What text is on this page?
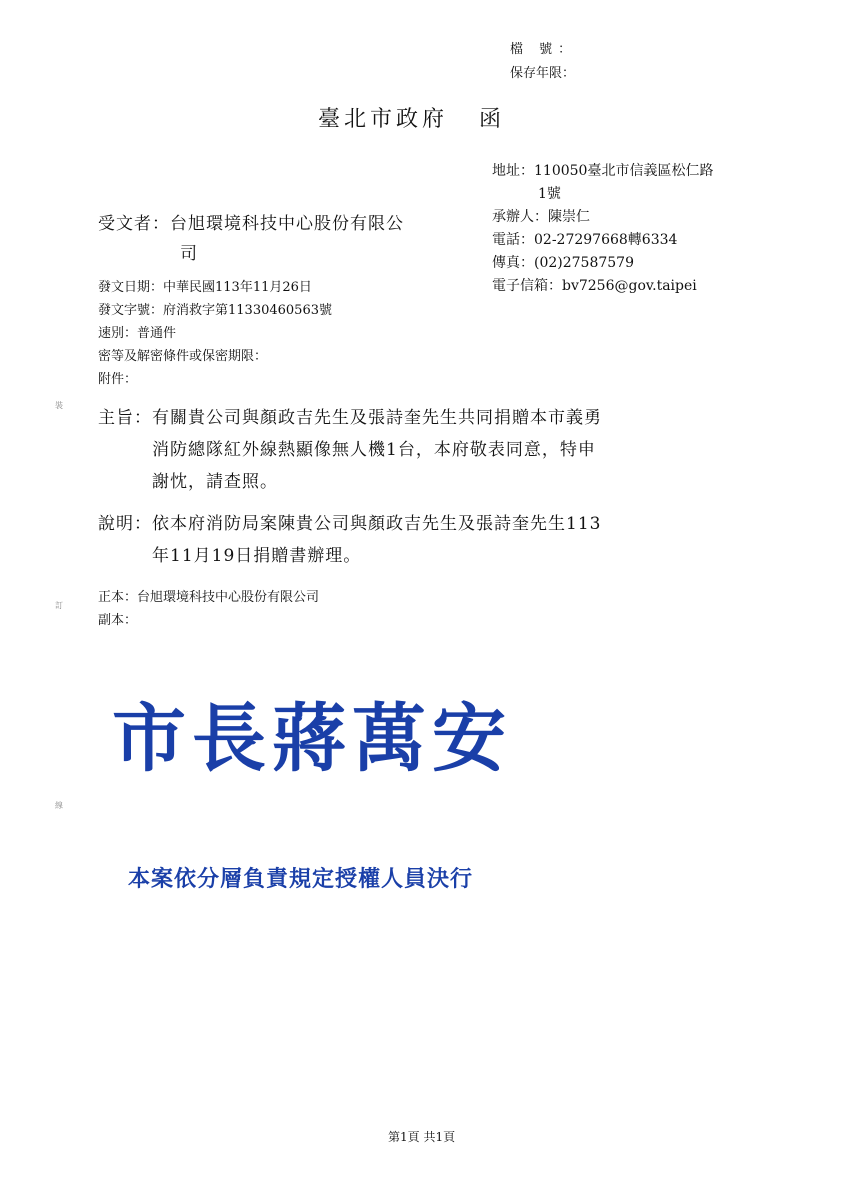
裝
訂
線
檔 號：
保存年限：
臺北市政府 函
地址：110050臺北市信義區松仁路
1號
承辦人：陳崇仁
電話：02-27297668轉6334
傳真：(02)27587579
電子信箱：bv7256@gov.taipei
受文者：台旭環境科技中心股份有限公
司
發文日期：中華民國113年11月26日
發文字號：府消救字第11330460563號
速別：普通件
密等及解密條件或保密期限：
附件：
主旨：有關貴公司與顏政吉先生及張詩奎先生共同捐贈本市義勇
消防總隊紅外線熱顯像無人機1台，本府敬表同意，特申
謝忱，請查照。
說明：依本府消防局案陳貴公司與顏政吉先生及張詩奎先生113
年11月19日捐贈書辦理。
正本：台旭環境科技中心股份有限公司
副本：
市長蔣萬安
本案依分層負責規定授權人員決行
第1頁 共1頁
